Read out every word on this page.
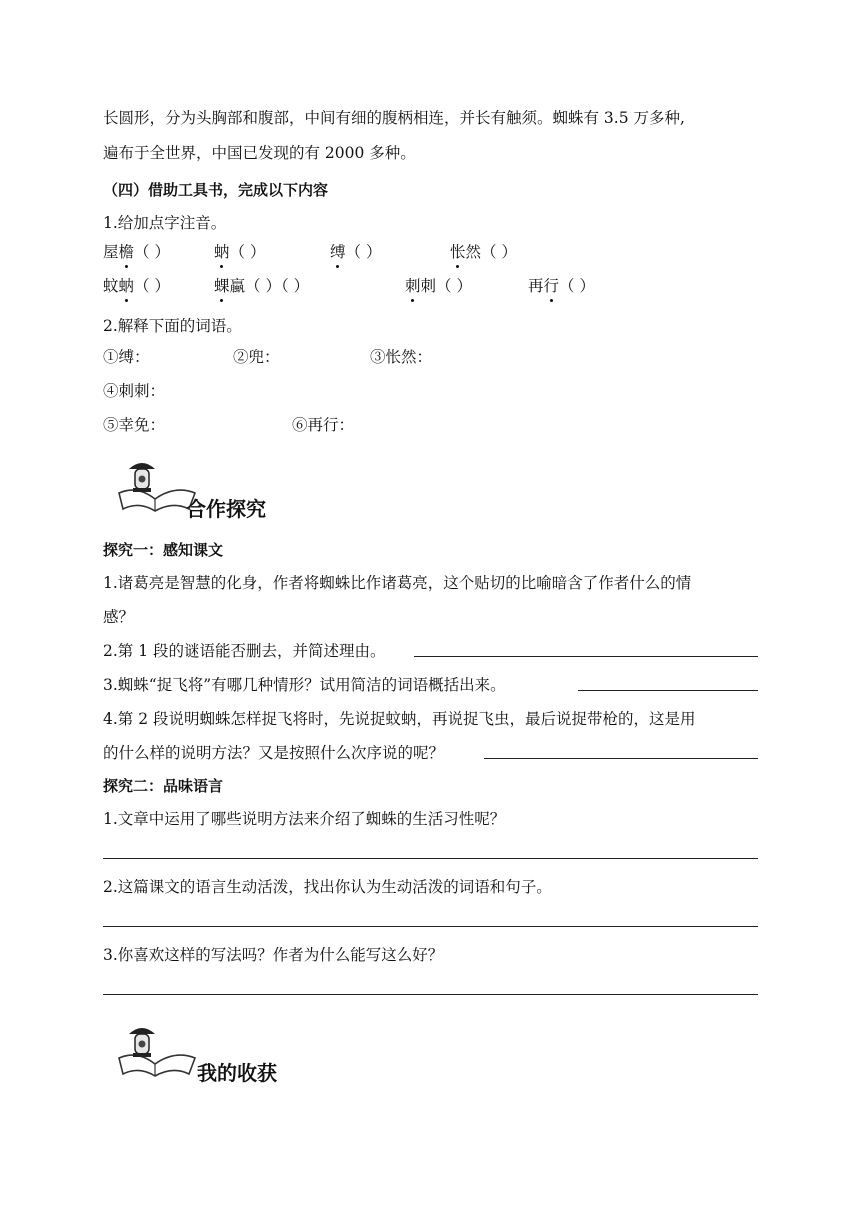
长圆形，分为头胸部和腹部，中间有细的腹柄相连，并长有触须。蜘蛛有 3.5 万多种,
遍布于全世界，中国已发现的有 2000 多种。
（四）借助工具书，完成以下内容
1.给加点字注音。
屋檐（ ）	蚋（ ）	缚（ ）	怅然（ ）
蚊蚋（ ）	蜾蠃（ ）（ ）	刺刺（ ）	再行（ ）
2.解释下面的词语。
①缚：	②兜：	③怅然：
④刺刺：
⑤幸免：	⑥再行：
合作探究
探究一：感知课文
1.诸葛亮是智慧的化身，作者将蜘蛛比作诸葛亮，这个贴切的比喻暗含了作者什么的情
感？
2.第 1 段的谜语能否删去，并简述理由。
3.蜘蛛“捉飞将”有哪几种情形？试用简洁的词语概括出来。
4.第 2 段说明蜘蛛怎样捉飞将时，先说捉蚊蚋，再说捉飞虫，最后说捉带枪的，这是用
的什么样的说明方法？又是按照什么次序说的呢？
探究二：品味语言
1.文章中运用了哪些说明方法来介绍了蜘蛛的生活习性呢？
2.这篇课文的语言生动活泼，找出你认为生动活泼的词语和句子。
3.你喜欢这样的写法吗？作者为什么能写这么好？
我的收获
